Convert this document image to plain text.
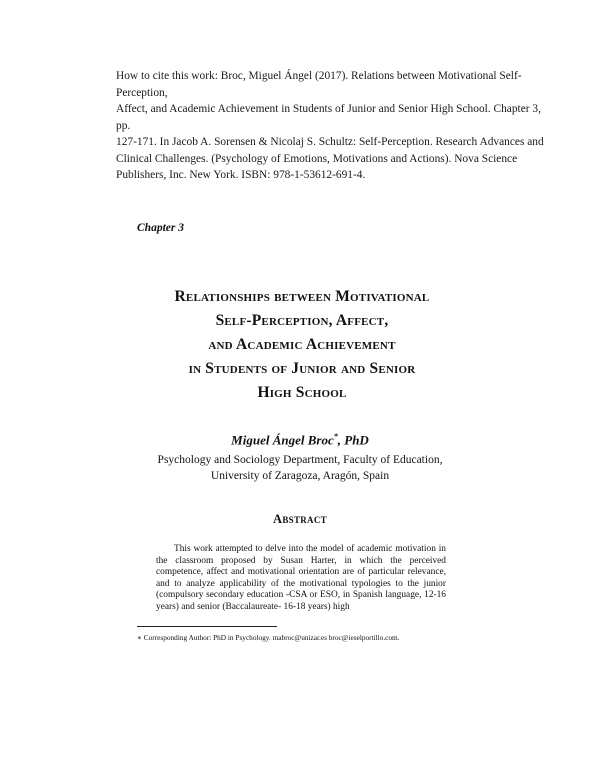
How to cite this work: Broc, Miguel Ángel (2017). Relations between Motivational Self-Perception,
Affect, and Academic Achievement in Students of Junior and Senior High School. Chapter 3, pp.
127-171. In Jacob A. Sorensen & Nicolaj S. Schultz: Self-Perception. Research Advances and
Clinical Challenges. (Psychology of Emotions, Motivations and Actions). Nova Science
Publishers, Inc. New York. ISBN: 978-1-53612-691-4.
Chapter 3
Relationships between Motivational
Self-Perception, Affect,
and Academic Achievement
in Students of Junior and Senior
High School
Miguel Ángel Broc*, PhD
Psychology and Sociology Department, Faculty of Education,
University of Zaragoza, Aragón, Spain
Abstract
This work attempted to delve into the model of academic motivation in the classroom proposed by Susan Harter, in which the perceived competence, affect and motivational orientation are of particular relevance, and to analyze applicability of the motivational typologies to the junior (compulsory secondary education -CSA or ESO, in Spanish language, 12-16 years) and senior (Baccalaureate- 16-18 years) high
∗ Corresponding Author: PhD in Psychology. mabroc@unizar.es broc@ieselportillo.com.
